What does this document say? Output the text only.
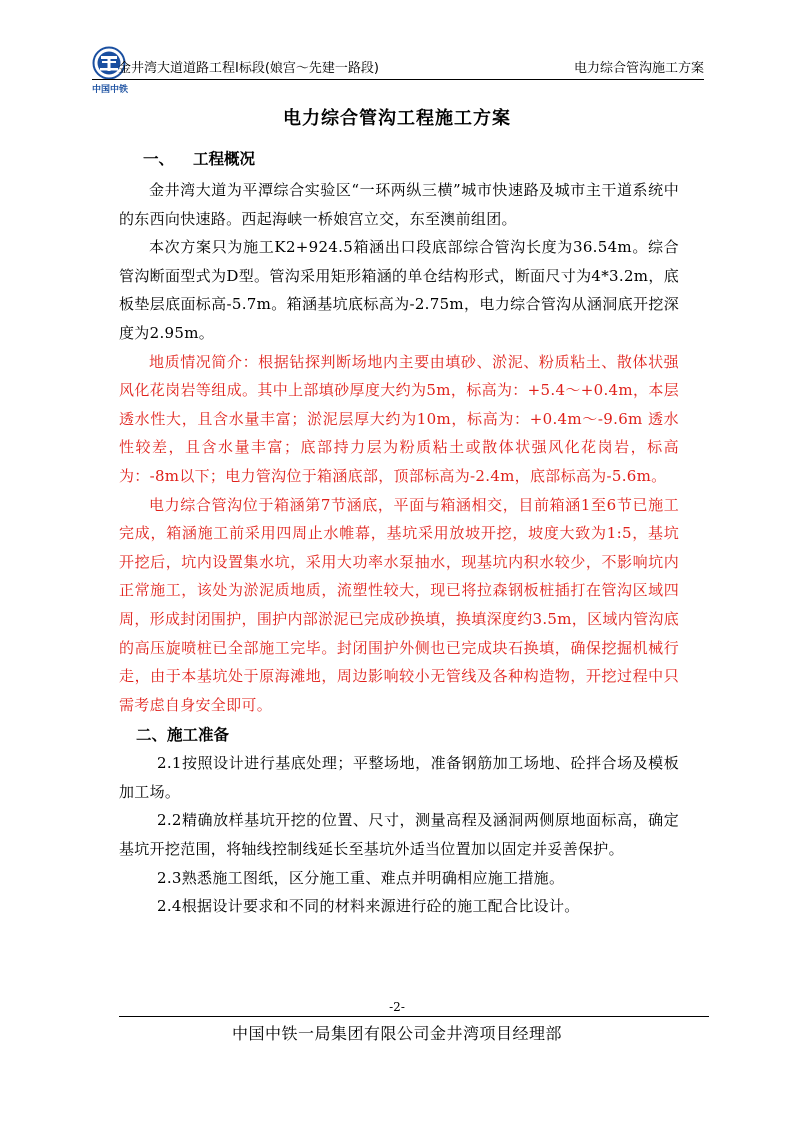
中国中铁
金井湾大道道路工程Ⅰ标段(娘宫～先建一路段)	电力综合管沟施工方案
电力综合管沟工程施工方案
一、 工程概况

金井湾大道为平潭综合实验区“一环两纵三横”城市快速路及城市主干道系统中的东西向快速路。西起海峡一桥娘宫立交，东至澳前组团。

本次方案只为施工K2+924.5箱涵出口段底部综合管沟长度为36.54m。综合管沟断面型式为D型。管沟采用矩形箱涵的单仓结构形式，断面尺寸为4*3.2m，底板垫层底面标高-5.7m。箱涵基坑底标高为-2.75m，电力综合管沟从涵洞底开挖深度为2.95m。

地质情况简介：根据钻探判断场地内主要由填砂、淤泥、粉质粘土、散体状强风化花岗岩等组成。其中上部填砂厚度大约为5m，标高为：+5.4～+0.4m，本层透水性大，且含水量丰富；淤泥层厚大约为10m，标高为：+0.4m～-9.6m 透水性较差，且含水量丰富；底部持力层为粉质粘土或散体状强风化花岗岩，标高为：-8m以下；电力管沟位于箱涵底部，顶部标高为-2.4m，底部标高为-5.6m。

电力综合管沟位于箱涵第7节涵底，平面与箱涵相交，目前箱涵1至6节已施工完成，箱涵施工前采用四周止水帷幕，基坑采用放坡开挖，坡度大致为1:5，基坑开挖后，坑内设置集水坑，采用大功率水泵抽水，现基坑内积水较少，不影响坑内正常施工，该处为淤泥质地质，流塑性较大，现已将拉森钢板桩插打在管沟区域四周，形成封闭围护，围护内部淤泥已完成砂换填，换填深度约3.5m，区域内管沟底的高压旋喷桩已全部施工完毕。封闭围护外侧也已完成块石换填，确保挖掘机械行走，由于本基坑处于原海滩地，周边影响较小无管线及各种构造物，开挖过程中只需考虑自身安全即可。

二、施工准备

2.1按照设计进行基底处理；平整场地，准备钢筋加工场地、砼拌合场及模板加工场。

2.2精确放样基坑开挖的位置、尺寸，测量高程及涵洞两侧原地面标高，确定基坑开挖范围，将轴线控制线延长至基坑外适当位置加以固定并妥善保护。

2.3熟悉施工图纸，区分施工重、难点并明确相应施工措施。

2.4根据设计要求和不同的材料来源进行砼的施工配合比设计。

-2-
中国中铁一局集团有限公司金井湾项目经理部
